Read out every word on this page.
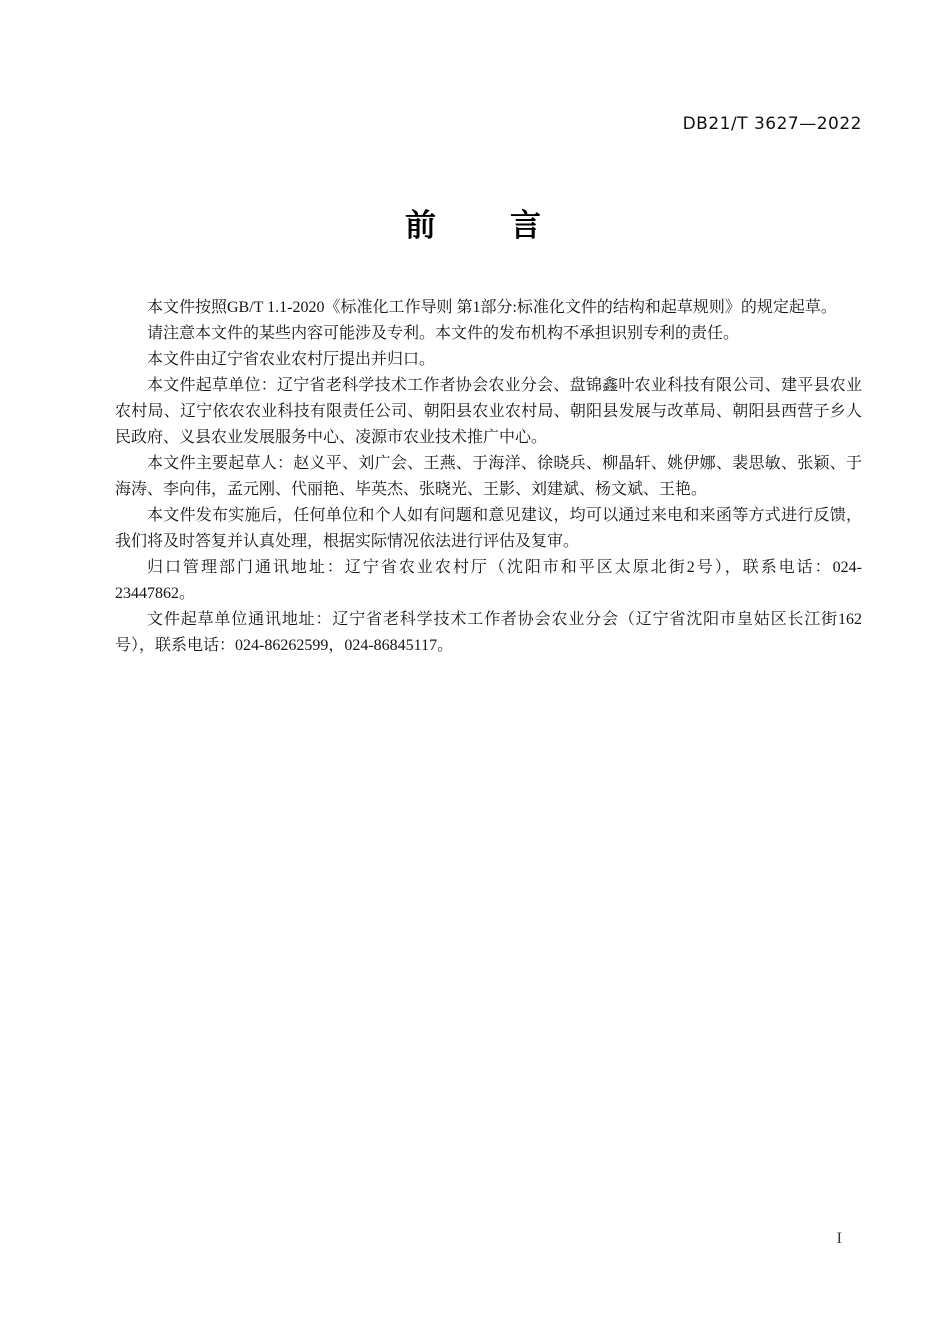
DB21/T 3627—2022
前　　言

本文件按照GB/T 1.1-2020《标准化工作导则 第1部分:标准化文件的结构和起草规则》的规定起草。

请注意本文件的某些内容可能涉及专利。本文件的发布机构不承担识别专利的责任。

本文件由辽宁省农业农村厅提出并归口。

本文件起草单位：辽宁省老科学技术工作者协会农业分会、盘锦鑫叶农业科技有限公司、建平县农业农村局、辽宁依农农业科技有限责任公司、朝阳县农业农村局、朝阳县发展与改革局、朝阳县西营子乡人民政府、义县农业发展服务中心、凌源市农业技术推广中心。

本文件主要起草人：赵义平、刘广会、王燕、于海洋、徐晓兵、柳晶轩、姚伊娜、裴思敏、张颖、于海涛、李向伟，孟元刚、代丽艳、毕英杰、张晓光、王影、刘建斌、杨文斌、王艳。

本文件发布实施后，任何单位和个人如有问题和意见建议，均可以通过来电和来函等方式进行反馈，我们将及时答复并认真处理，根据实际情况依法进行评估及复审。

归口管理部门通讯地址：辽宁省农业农村厅（沈阳市和平区太原北街2号），联系电话：024-23447862。

文件起草单位通讯地址：辽宁省老科学技术工作者协会农业分会（辽宁省沈阳市皇姑区长江街162号），联系电话：024-86262599，024-86845117。

I
